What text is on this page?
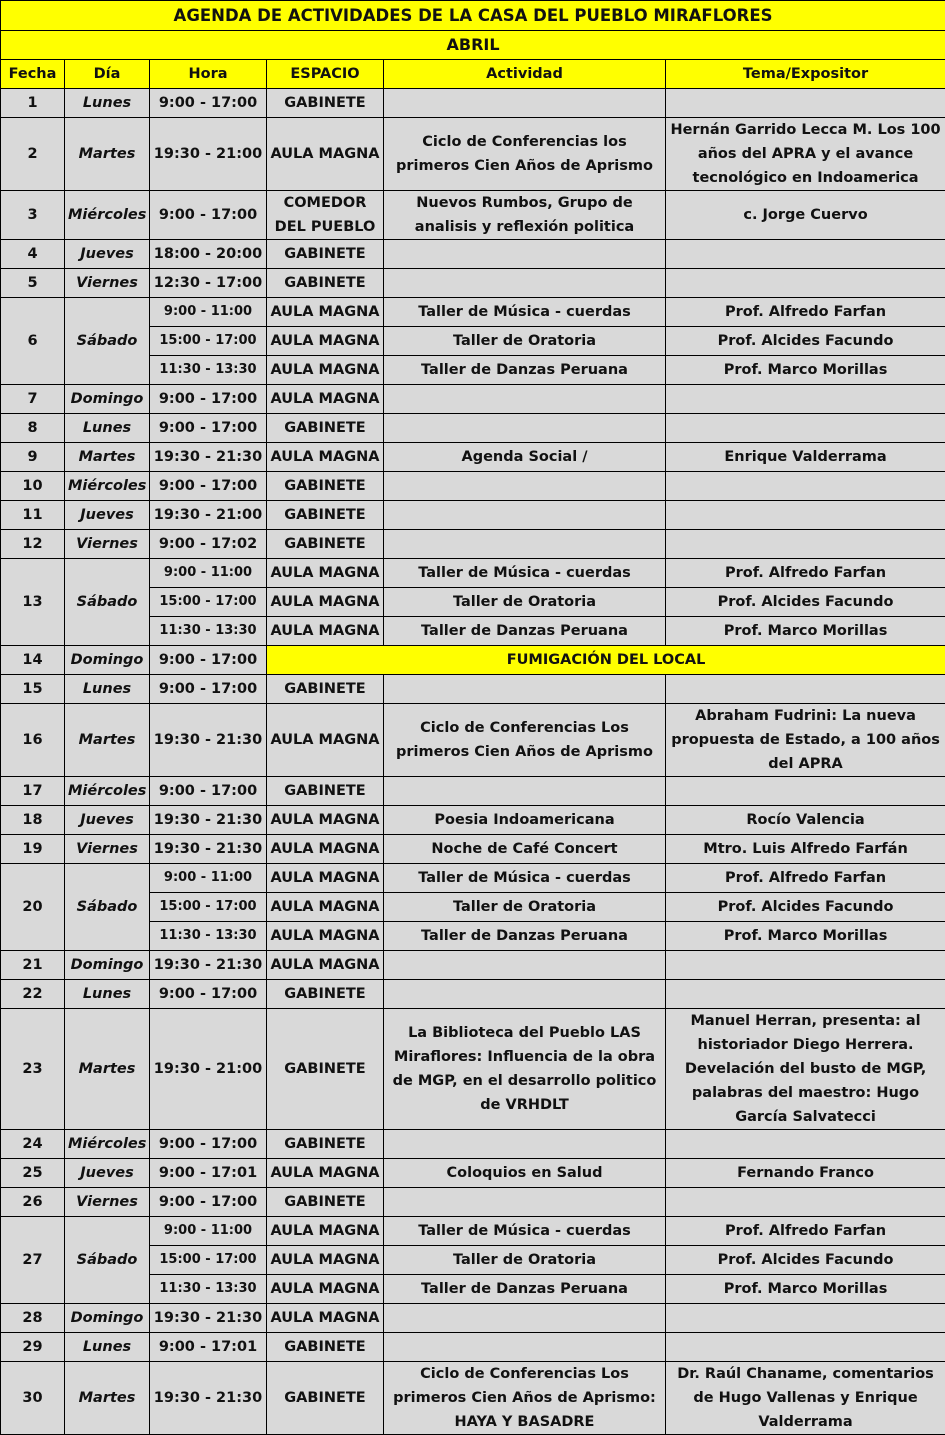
AGENDA DE ACTIVIDADES DE LA CASA DEL PUEBLO MIRAFLORES					
ABRIL					
Fecha	Día	Hora	ESPACIO	Actividad	Tema/Expositor
1	Lunes	9:00 - 17:00	GABINETE		
2	Martes	19:30 - 21:00	AULA MAGNA	Ciclo de Conferencias los primeros Cien Años de Aprismo	Hernán Garrido Lecca M. Los 100 años del APRA y el avance tecnológico en Indoamerica
3	Miércoles	9:00 - 17:00	COMEDOR DEL PUEBLO	Nuevos Rumbos, Grupo de analisis y reflexión politica	c. Jorge Cuervo
4	Jueves	18:00 - 20:00	GABINETE		
5	Viernes	12:30 - 17:00	GABINETE		
6	Sábado	9:00 - 11:00	AULA MAGNA	Taller de Música - cuerdas	Prof. Alfredo Farfan
		15:00 - 17:00	AULA MAGNA	Taller de Oratoria	Prof. Alcides Facundo
		11:30 - 13:30	AULA MAGNA	Taller de Danzas Peruana	Prof. Marco Morillas
7	Domingo	9:00 - 17:00	AULA MAGNA		
8	Lunes	9:00 - 17:00	GABINETE		
9	Martes	19:30 - 21:30	AULA MAGNA	Agenda Social /	Enrique Valderrama
10	Miércoles	9:00 - 17:00	GABINETE		
11	Jueves	19:30 - 21:00	GABINETE		
12	Viernes	9:00 - 17:02	GABINETE		
13	Sábado	9:00 - 11:00	AULA MAGNA	Taller de Música - cuerdas	Prof. Alfredo Farfan
		15:00 - 17:00	AULA MAGNA	Taller de Oratoria	Prof. Alcides Facundo
		11:30 - 13:30	AULA MAGNA	Taller de Danzas Peruana	Prof. Marco Morillas
14	Domingo	9:00 - 17:00	FUMIGACIÓN DEL LOCAL		
15	Lunes	9:00 - 17:00	GABINETE		
16	Martes	19:30 - 21:30	AULA MAGNA	Ciclo de Conferencias Los primeros Cien Años de Aprismo	Abraham Fudrini: La nueva propuesta de Estado, a 100 años del APRA
17	Miércoles	9:00 - 17:00	GABINETE		
18	Jueves	19:30 - 21:30	AULA MAGNA	Poesia Indoamericana	Rocío Valencia
19	Viernes	19:30 - 21:30	AULA MAGNA	Noche de Café Concert	Mtro. Luis Alfredo Farfán
20	Sábado	9:00 - 11:00	AULA MAGNA	Taller de Música - cuerdas	Prof. Alfredo Farfan
		15:00 - 17:00	AULA MAGNA	Taller de Oratoria	Prof. Alcides Facundo
		11:30 - 13:30	AULA MAGNA	Taller de Danzas Peruana	Prof. Marco Morillas
21	Domingo	19:30 - 21:30	AULA MAGNA		
22	Lunes	9:00 - 17:00	GABINETE		
23	Martes	19:30 - 21:00	GABINETE	La Biblioteca del Pueblo LAS Miraflores: Influencia de la obra de MGP, en el desarrollo politico de VRHDLT	Manuel Herran, presenta: al historiador Diego Herrera. Develación del busto de MGP, palabras del maestro: Hugo García Salvatecci
24	Miércoles	9:00 - 17:00	GABINETE		
25	Jueves	9:00 - 17:01	AULA MAGNA	Coloquios en Salud	Fernando Franco
26	Viernes	9:00 - 17:00	GABINETE		
27	Sábado	9:00 - 11:00	AULA MAGNA	Taller de Música - cuerdas	Prof. Alfredo Farfan
		15:00 - 17:00	AULA MAGNA	Taller de Oratoria	Prof. Alcides Facundo
		11:30 - 13:30	AULA MAGNA	Taller de Danzas Peruana	Prof. Marco Morillas
28	Domingo	19:30 - 21:30	AULA MAGNA		
29	Lunes	9:00 - 17:01	GABINETE		
30	Martes	19:30 - 21:30	GABINETE	Ciclo de Conferencias Los primeros Cien Años de Aprismo: HAYA Y BASADRE	Dr. Raúl Chaname, comentarios de Hugo Vallenas y Enrique Valderrama
